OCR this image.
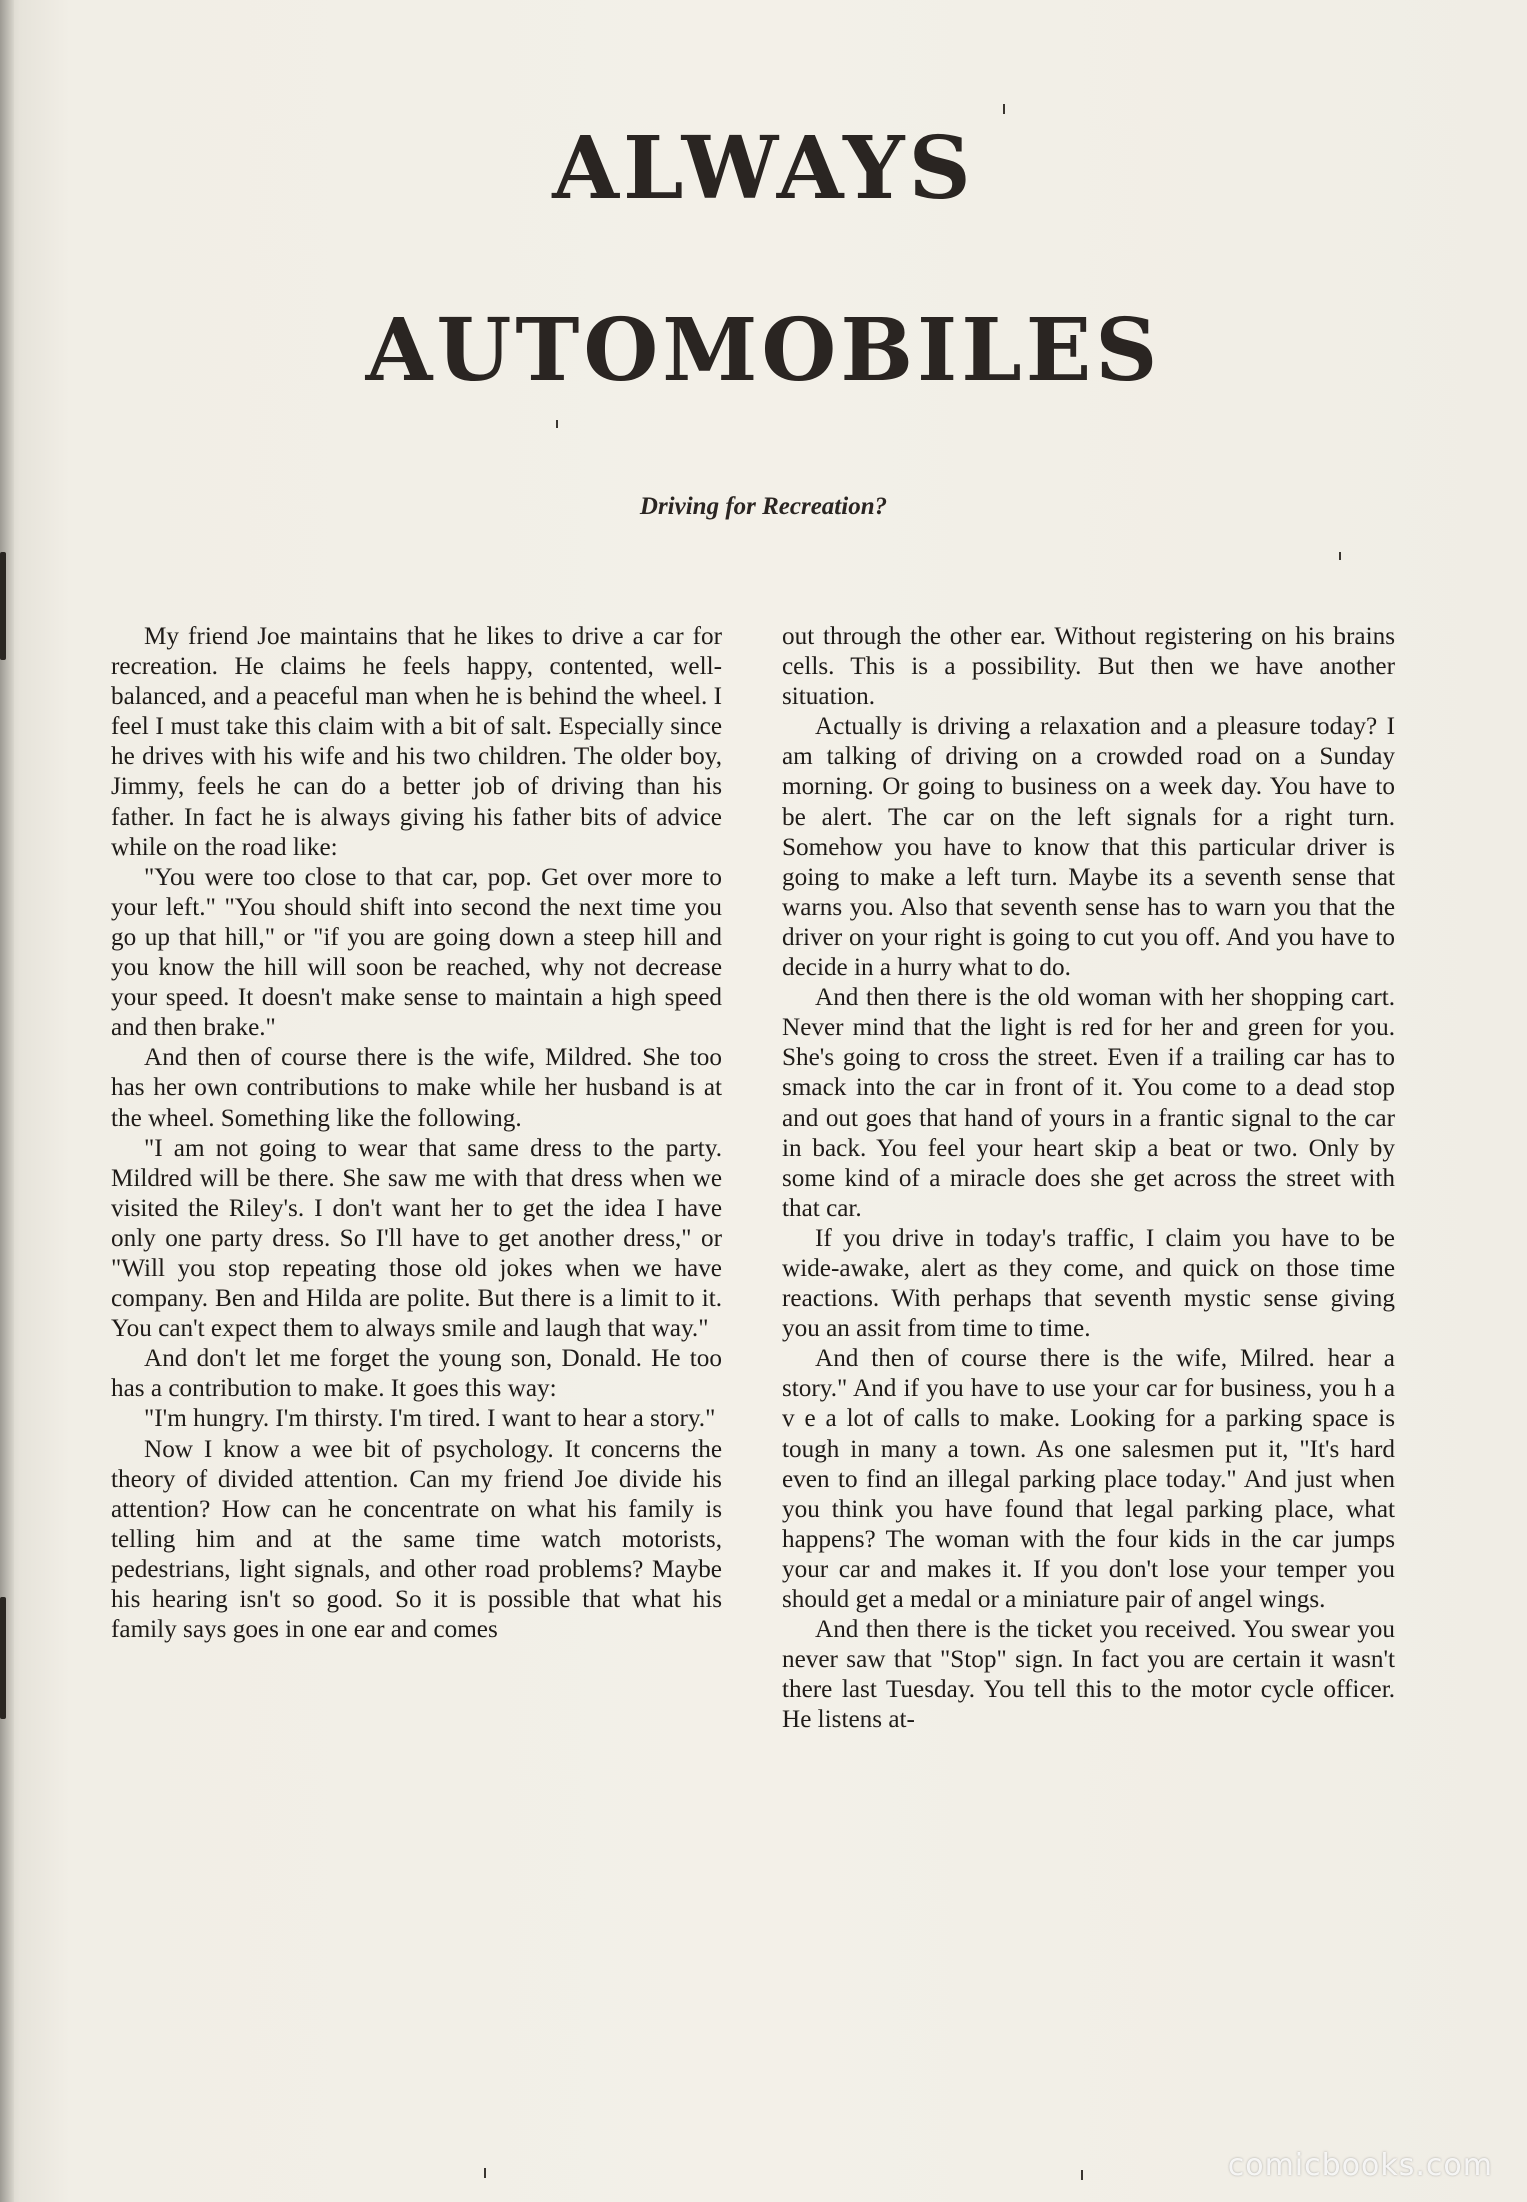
ALWAYS
AUTOMOBILES
Driving for Recreation?

My friend Joe maintains that he likes to drive a car for recreation. He claims he feels happy, contented, well-balanced, and a peaceful man when he is behind the wheel. I feel I must take this claim with a bit of salt. Especially since he drives with his wife and his two children. The older boy, Jimmy, feels he can do a better job of driving than his father. In fact he is always giving his father bits of advice while on the road like:

"You were too close to that car, pop. Get over more to your left." "You should shift into second the next time you go up that hill," or "if you are going down a steep hill and you know the hill will soon be reached, why not decrease your speed. It doesn't make sense to maintain a high speed and then brake."

And then of course there is the wife, Mildred. She too has her own contributions to make while her husband is at the wheel. Something like the following.

"I am not going to wear that same dress to the party. Mildred will be there. She saw me with that dress when we visited the Riley's. I don't want her to get the idea I have only one party dress. So I'll have to get another dress," or "Will you stop repeating those old jokes when we have company. Ben and Hilda are polite. But there is a limit to it. You can't expect them to always smile and laugh that way."

And don't let me forget the young son, Donald. He too has a contribution to make. It goes this way:

"I'm hungry. I'm thirsty. I'm tired. I want to hear a story."

Now I know a wee bit of psychology. It concerns the theory of divided attention. Can my friend Joe divide his attention? How can he concentrate on what his family is telling him and at the same time watch motorists, pedestrians, light signals, and other road problems? Maybe his hearing isn't so good. So it is possible that what his family says goes in one ear and comes

out through the other ear. Without registering on his brains cells. This is a possibility. But then we have another situation.

Actually is driving a relaxation and a pleasure today? I am talking of driving on a crowded road on a Sunday morning. Or going to business on a week day. You have to be alert. The car on the left signals for a right turn. Somehow you have to know that this particular driver is going to make a left turn. Maybe its a seventh sense that warns you. Also that seventh sense has to warn you that the driver on your right is going to cut you off. And you have to decide in a hurry what to do.

And then there is the old woman with her shopping cart. Never mind that the light is red for her and green for you. She's going to cross the street. Even if a trailing car has to smack into the car in front of it. You come to a dead stop and out goes that hand of yours in a frantic signal to the car in back. You feel your heart skip a beat or two. Only by some kind of a miracle does she get across the street with that car.

If you drive in today's traffic, I claim you have to be wide-awake, alert as they come, and quick on those time reactions. With perhaps that seventh mystic sense giving you an assit from time to time.

And then of course there is the wife, Milred. hear a story." And if you have to use your car for business, you h a v e a lot of calls to make. Looking for a parking space is tough in many a town. As one salesmen put it, "It's hard even to find an illegal parking place today." And just when you think you have found that legal parking place, what happens? The woman with the four kids in the car jumps your car and makes it. If you don't lose your temper you should get a medal or a miniature pair of angel wings.

And then there is the ticket you received. You swear you never saw that "Stop" sign. In fact you are certain it wasn't there last Tuesday. You tell this to the motor cycle officer. He listens at-

comicbooks.com
